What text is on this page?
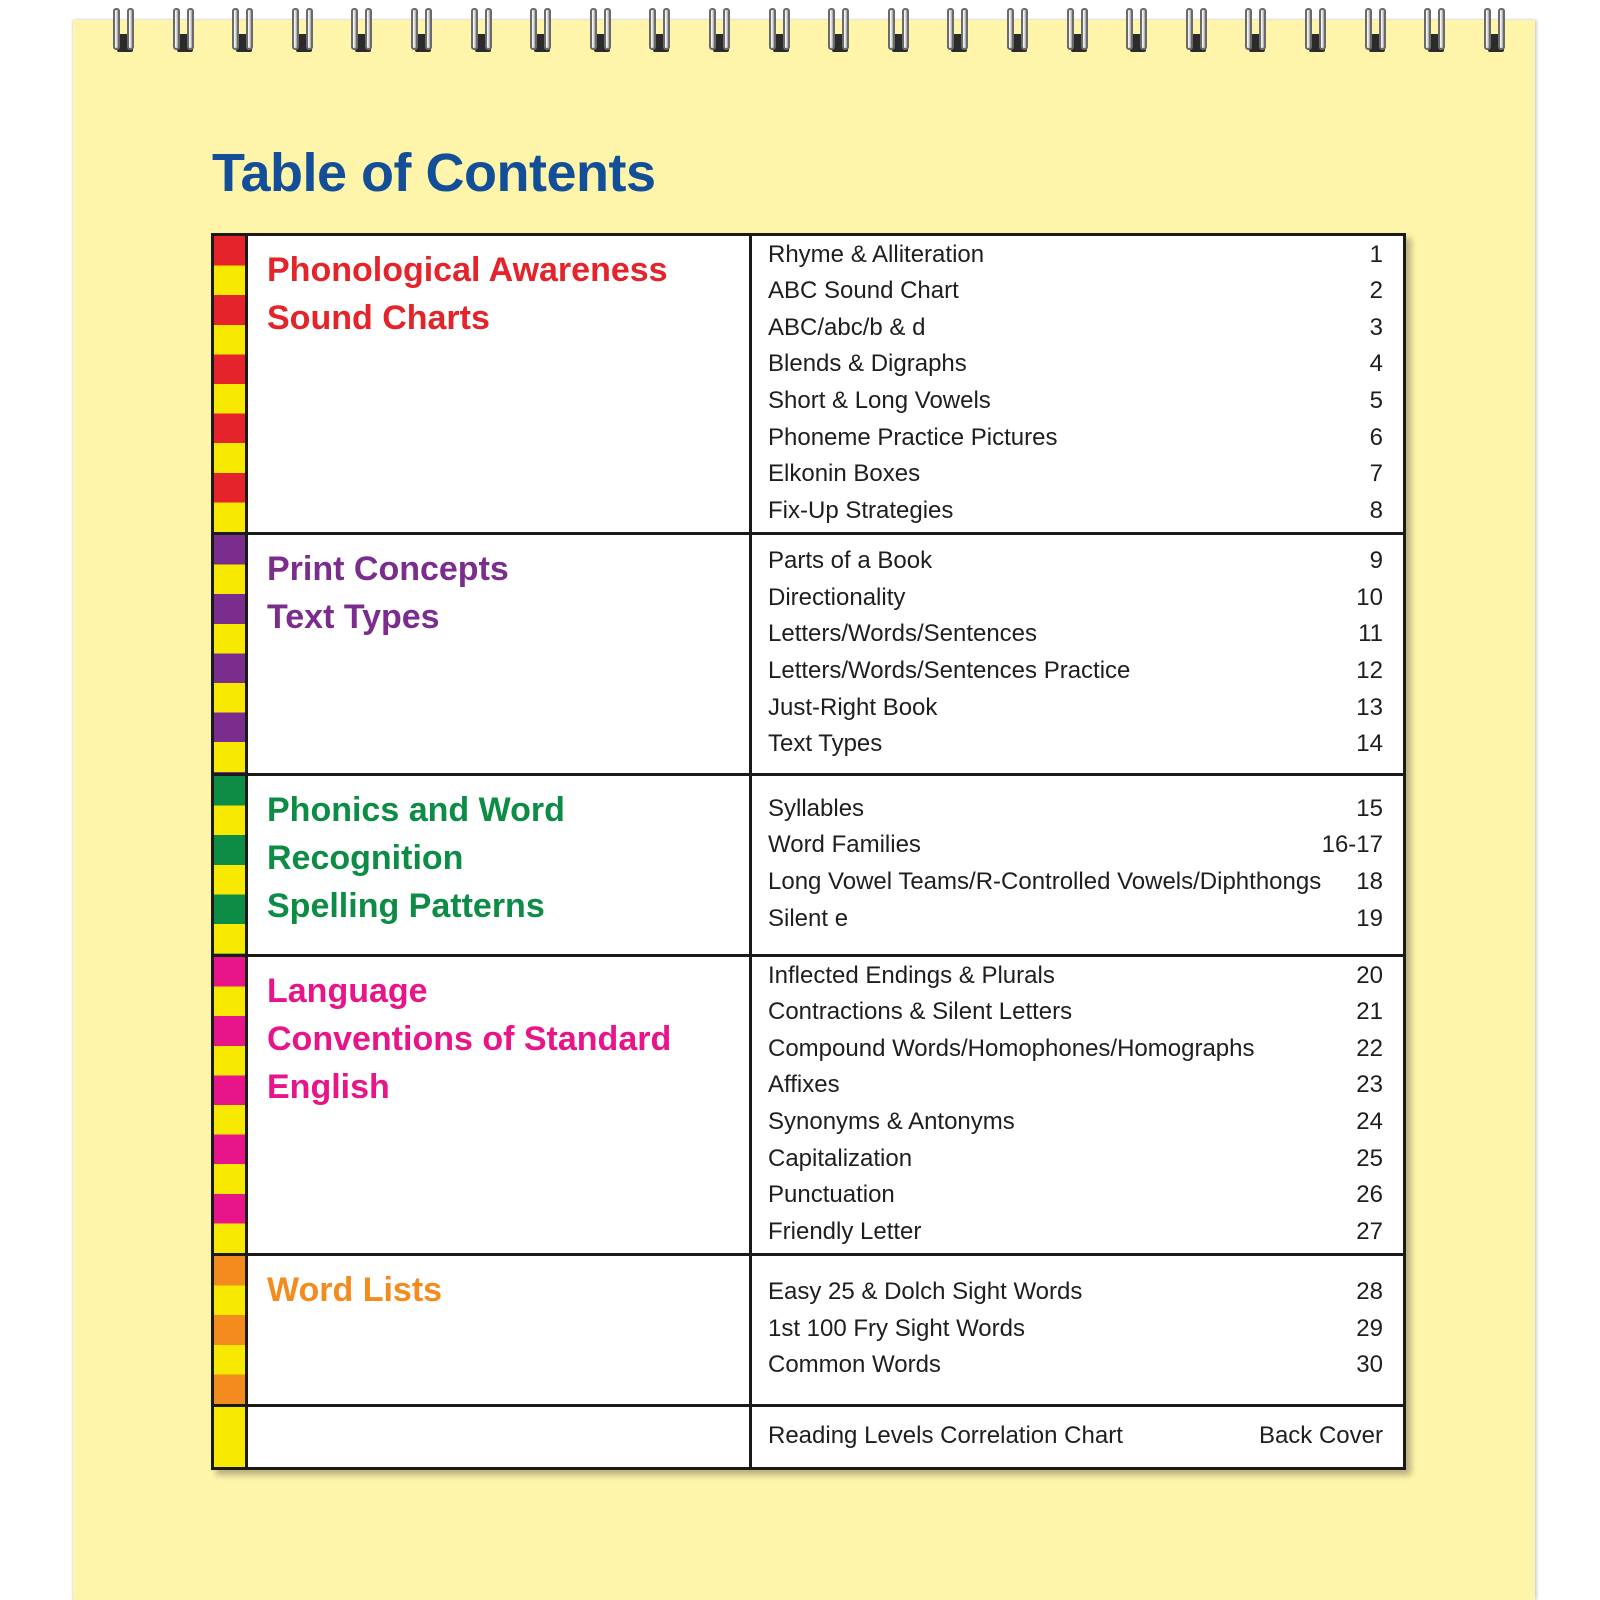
Table of Contents

Phonological Awareness

Sound Charts

Rhyme & Alliteration	1
ABC Sound Chart	2
ABC/abc/b & d	3
Blends & Digraphs	4
Short & Long Vowels	5
Phoneme Practice Pictures	6
Elkonin Boxes	7
Fix-Up Strategies	8

Print Concepts

Text Types

Parts of a Book	9
Directionality	10
Letters/Words/Sentences	11
Letters/Words/Sentences Practice	12
Just-Right Book	13
Text Types	14

Phonics and Word Recognition

Spelling Patterns

Syllables	15
Word Families	16-17
Long Vowel Teams/R-Controlled Vowels/Diphthongs 18
Silent e	19

Language

Conventions of Standard English

Inflected Endings & Plurals	20
Contractions & Silent Letters	21
Compound Words/Homophones/Homographs	22
Affixes	23
Synonyms & Antonyms	24
Capitalization	25
Punctuation	26
Friendly Letter	27

Word Lists	Easy 25 & Dolch Sight Words	28
1st 100 Fry Sight Words	29
Common Words	30
Reading Levels Correlation Chart	Back Cover
